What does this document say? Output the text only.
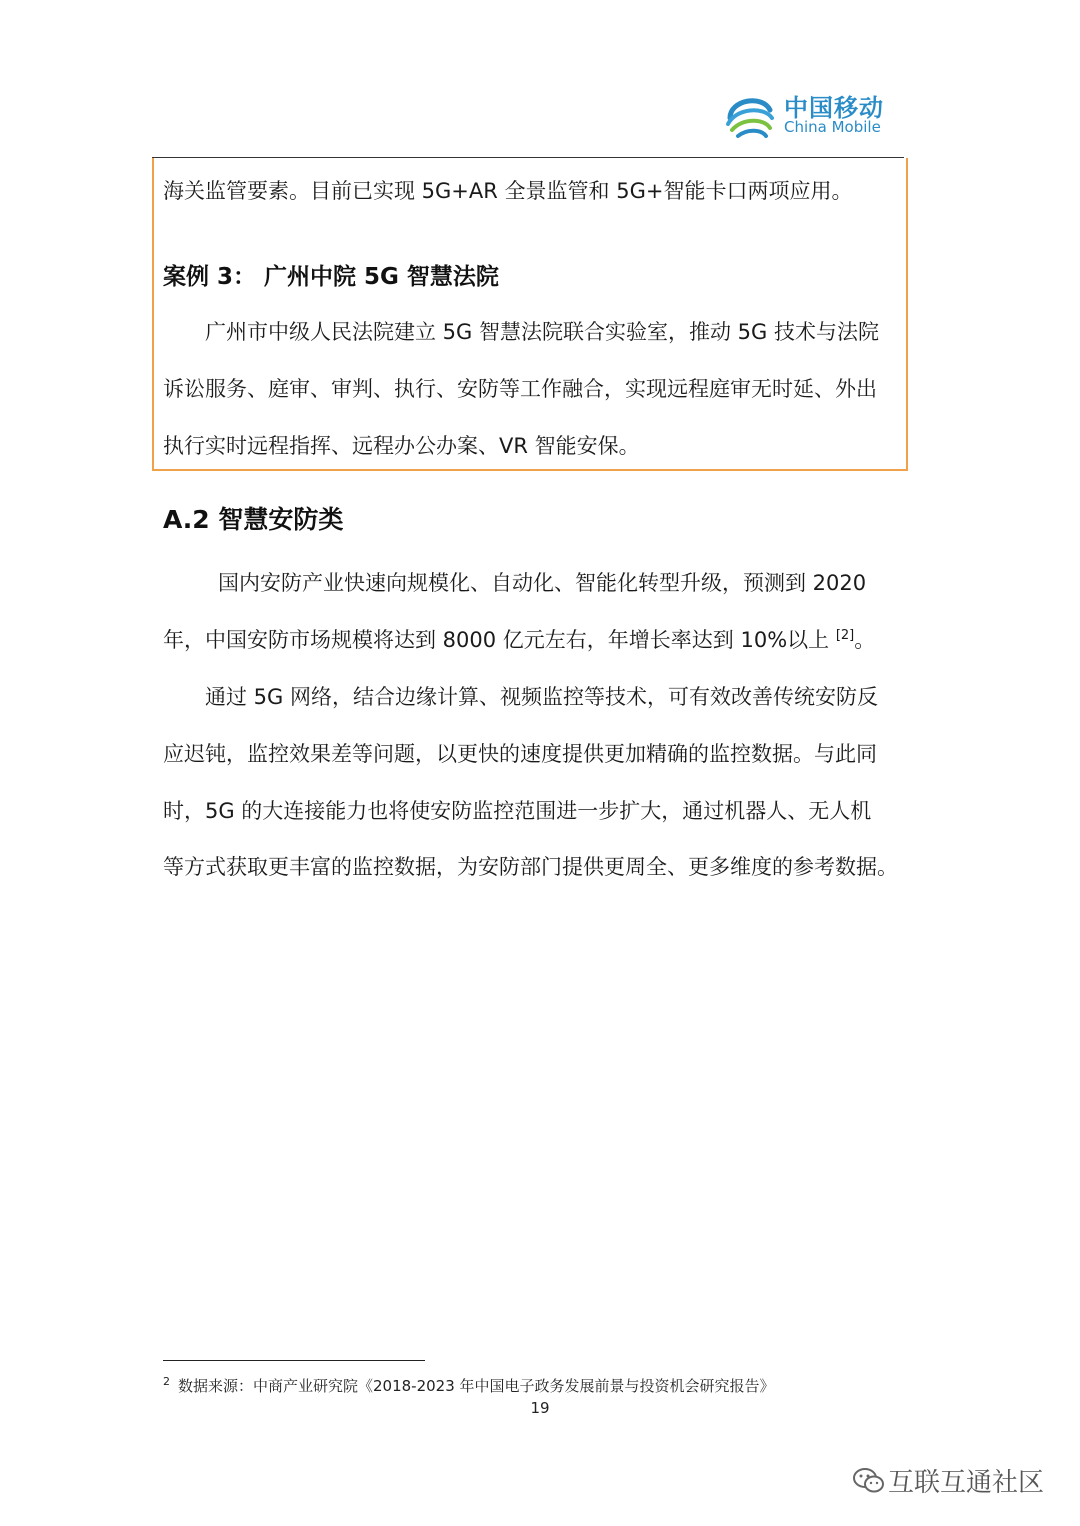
中国移动
China Mobile
海关监管要素。目前已实现 5G+AR 全景监管和 5G+智能卡口两项应用。
案例 3： 广州中院 5G 智慧法院
广州市中级人民法院建立 5G 智慧法院联合实验室，推动 5G 技术与法院
诉讼服务、庭审、审判、执行、安防等工作融合，实现远程庭审无时延、外出
执行实时远程指挥、远程办公办案、VR 智能安保。
A.2 智慧安防类
国内安防产业快速向规模化、自动化、智能化转型升级，预测到 2020
年，中国安防市场规模将达到 8000 亿元左右，年增长率达到 10%以上 [2]。
通过 5G 网络，结合边缘计算、视频监控等技术，可有效改善传统安防反
应迟钝，监控效果差等问题，以更快的速度提供更加精确的监控数据。与此同
时，5G 的大连接能力也将使安防监控范围进一步扩大，通过机器人、无人机
等方式获取更丰富的监控数据，为安防部门提供更周全、更多维度的参考数据。
$^2$ 数据来源：中商产业研究院《2018-2023 年中国电子政务发展前景与投资机会研究报告》
19
互联互通社区
